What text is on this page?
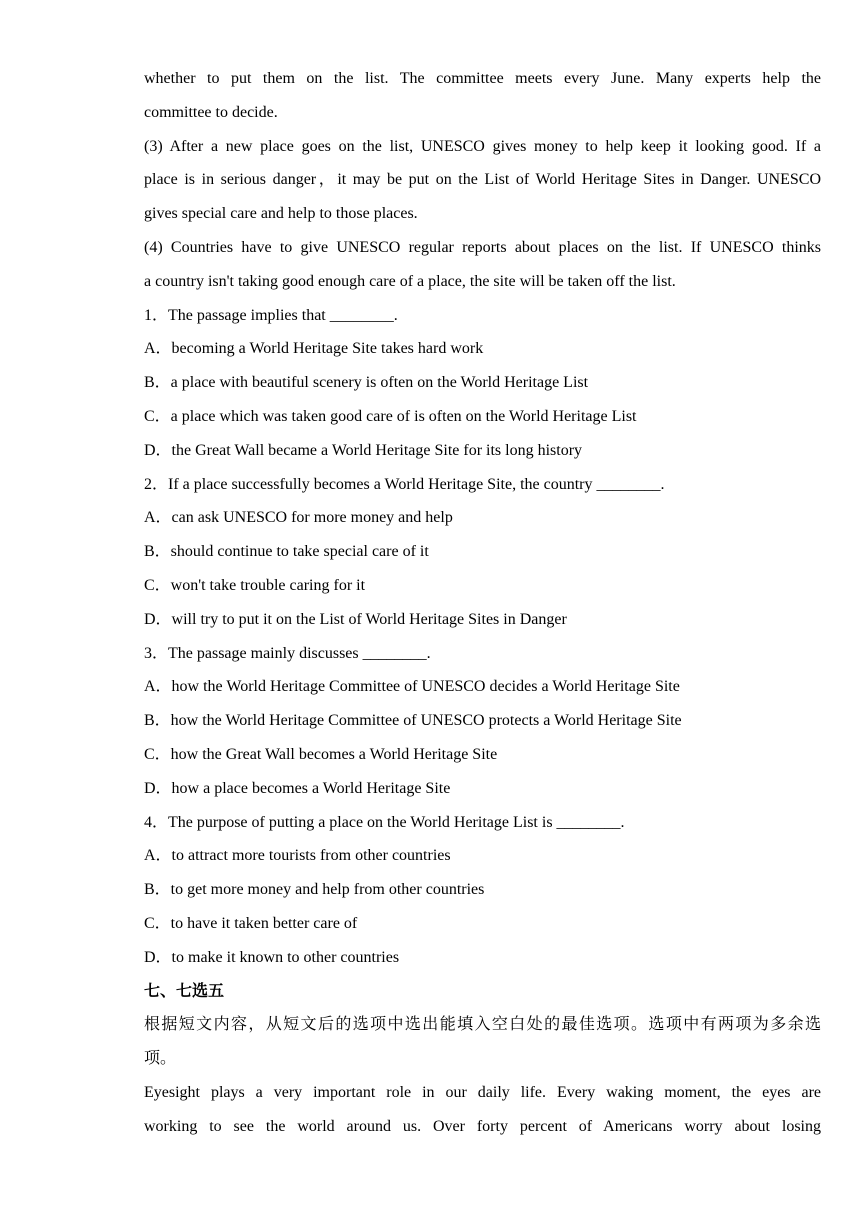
whether to put them on the list. The committee meets every June. Many experts help the
committee to decide.
(3) After a new place goes on the list, UNESCO gives money to help keep it looking good. If a
place is in serious danger，it may be put on the List of World Heritage Sites in Danger. UNESCO
gives special care and help to those places.
(4) Countries have to give UNESCO regular reports about places on the list. If UNESCO thinks
a country isn't taking good enough care of a place, the site will be taken off the list.
1．The passage implies that ________.
A．becoming a World Heritage Site takes hard work
B．a place with beautiful scenery is often on the World Heritage List
C．a place which was taken good care of is often on the World Heritage List
D．the Great Wall became a World Heritage Site for its long history
2．If a place successfully becomes a World Heritage Site, the country ________.
A．can ask UNESCO for more money and help
B．should continue to take special care of it
C．won't take trouble caring for it
D．will try to put it on the List of World Heritage Sites in Danger
3．The passage mainly discusses ________.
A．how the World Heritage Committee of UNESCO decides a World Heritage Site
B．how the World Heritage Committee of UNESCO protects a World Heritage Site
C．how the Great Wall becomes a World Heritage Site
D．how a place becomes a World Heritage Site
4．The purpose of putting a place on the World Heritage List is ________.
A．to attract more tourists from other countries
B．to get more money and help from other countries
C．to have it taken better care of
D．to make it known to other countries
七、七选五
根据短文内容，从短文后的选项中选出能填入空白处的最佳选项。选项中有两项为多余选
项。
Eyesight plays a very important role in our daily life. Every waking moment, the eyes are
working to see the world around us. Over forty percent of Americans worry about losing
